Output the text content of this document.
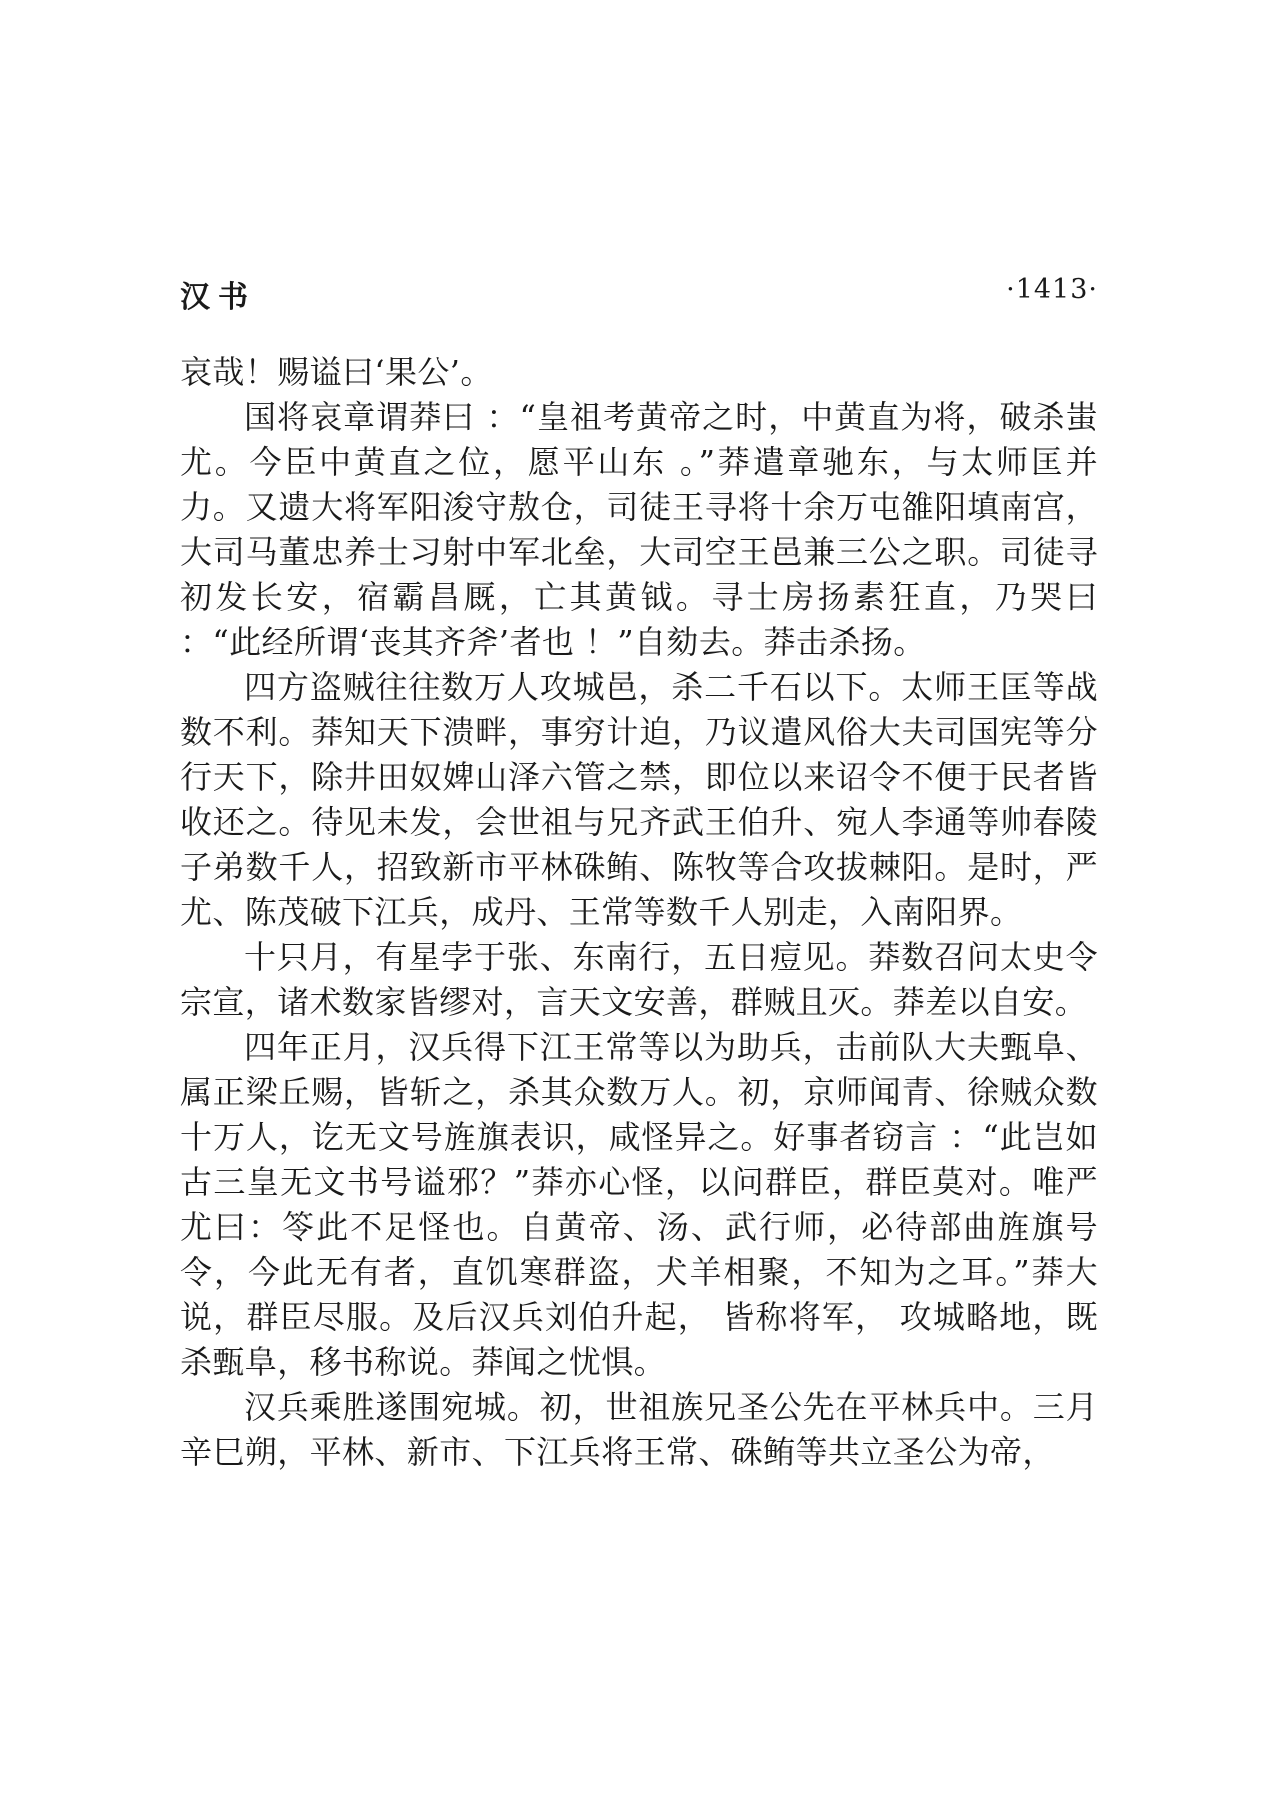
汉书	·1413·

哀哉！赐谥曰‘果公’。

国将哀章谓莽曰 ：“皇祖考黄帝之时，中黄直为将，破杀蚩尤。今臣中黄直之位，愿平山东 。”莽遣章驰东，与太师匡并力。又遗大将军阳浚守敖仓，司徒王寻将十余万屯雒阳填南宫，大司马董忠养士习射中军北垒，大司空王邑兼三公之职。司徒寻初发长安，宿霸昌厩，亡其黄钺。寻士房扬素狂直，乃哭曰 ：“此经所谓‘丧其齐斧’者也 ！”自劾去。莽击杀扬。

四方盗贼往往数万人攻城邑，杀二千石以下。太师王匡等战数不利。莽知天下溃畔，事穷计迫，乃议遣风俗大夫司国宪等分行天下，除井田奴婢山泽六管之禁，即位以来诏令不便于民者皆收还之。待见未发，会世祖与兄齐武王伯升、宛人李通等帅春陵子弟数千人，招致新市平林硃鲔、陈牧等合攻拔棘阳。是时，严尤、陈茂破下江兵，成丹、王常等数千人别走，入南阳界。

十只月，有星孛于张、东南行，五日痘见。莽数召问太史令宗宣，诸术数家皆缪对，言天文安善，群贼且灭。莽差以自安。

四年正月，汉兵得下江王常等以为助兵，击前队大夫甄阜、属正梁丘赐，皆斩之，杀其众数万人。初，京师闻青、徐贼众数十万人，讫无文号旌旗表识，咸怪异之。好事者窃言 ：“此岂如古三皇无文书号谥邪？”莽亦心怪，以问群臣，群臣莫对。唯严尤曰：笭此不足怪也。自黄帝、汤、武行师，必待部曲旌旗号令，今此无有者，直饥寒群盗，犬羊相聚，不知为之耳。”莽大说，群臣尽服。及后汉兵刘伯升起， 皆称将军， 攻城略地，既杀甄阜，移书称说。莽闻之忧惧。

汉兵乘胜遂围宛城。初，世祖族兄圣公先在平林兵中。三月辛巳朔，平林、新市、下江兵将王常、硃鲔等共立圣公为帝，
